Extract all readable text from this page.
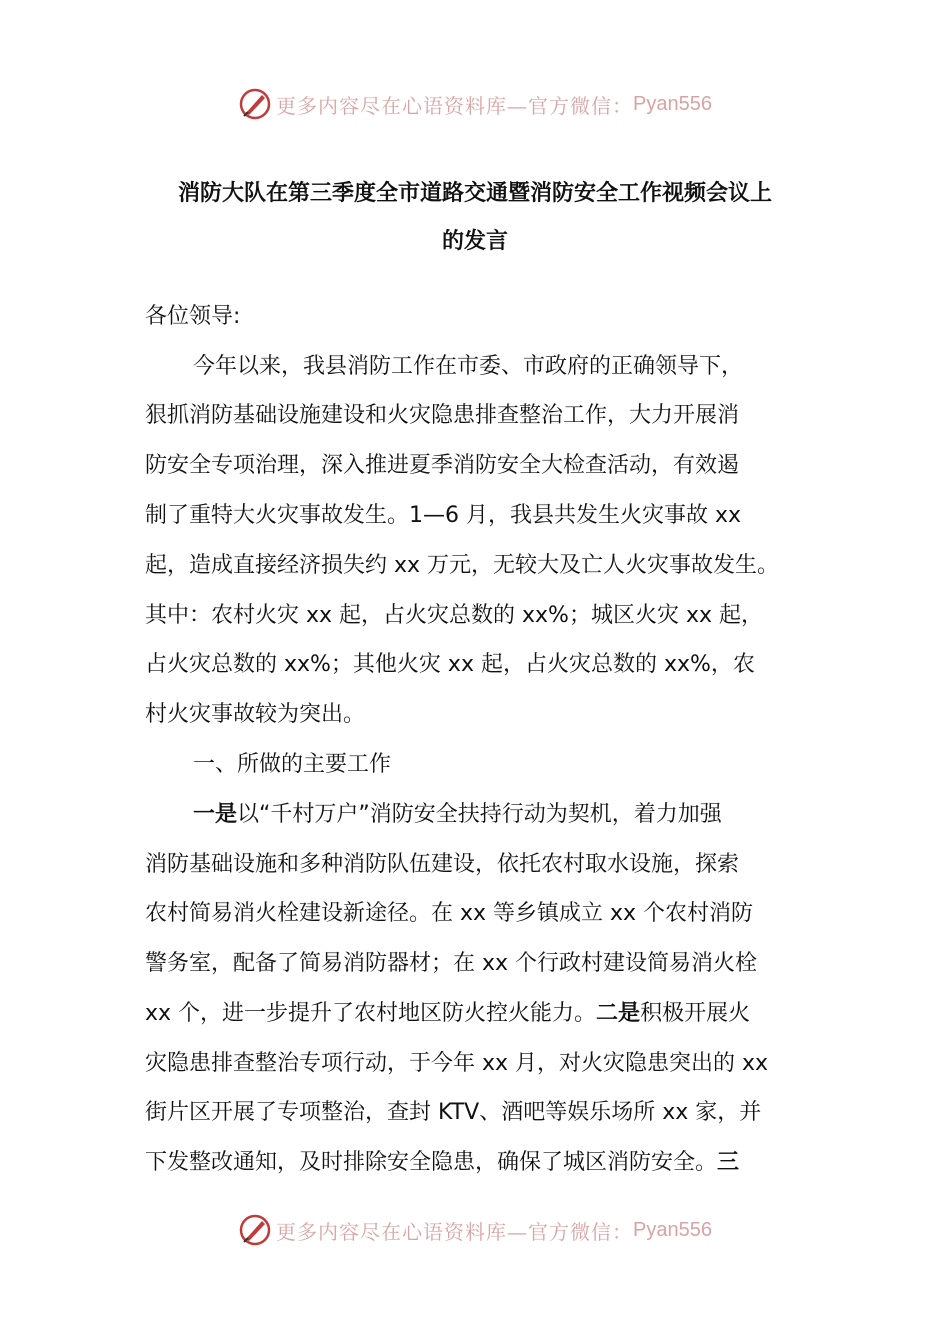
更多内容尽在心语资料库—官方微信： Pyan556
消防大队在第三季度全市道路交通暨消防安全工作视频会议上
的发言
各位领导:
今年以来，我县消防工作在市委、市政府的正确领导下，
狠抓消防基础设施建设和火灾隐患排查整治工作，大力开展消
防安全专项治理，深入推进夏季消防安全大检查活动，有效遏
制了重特大火灾事故发生。1—6 月，我县共发生火灾事故 xx
起，造成直接经济损失约 xx 万元，无较大及亡人火灾事故发生。
其中：农村火灾 xx 起，占火灾总数的 xx%；城区火灾 xx 起，
占火灾总数的 xx%；其他火灾 xx 起，占火灾总数的 xx%，农
村火灾事故较为突出。
一、所做的主要工作
一是以“千村万户”消防安全扶持行动为契机，着力加强
消防基础设施和多种消防队伍建设，依托农村取水设施，探索
农村简易消火栓建设新途径。在 xx 等乡镇成立 xx 个农村消防
警务室，配备了简易消防器材；在 xx 个行政村建设简易消火栓
xx 个，进一步提升了农村地区防火控火能力。二是积极开展火
灾隐患排查整治专项行动，于今年 xx 月，对火灾隐患突出的 xx
街片区开展了专项整治，查封 KTV、酒吧等娱乐场所 xx 家，并
下发整改通知，及时排除安全隐患，确保了城区消防安全。三
更多内容尽在心语资料库—官方微信： Pyan556
